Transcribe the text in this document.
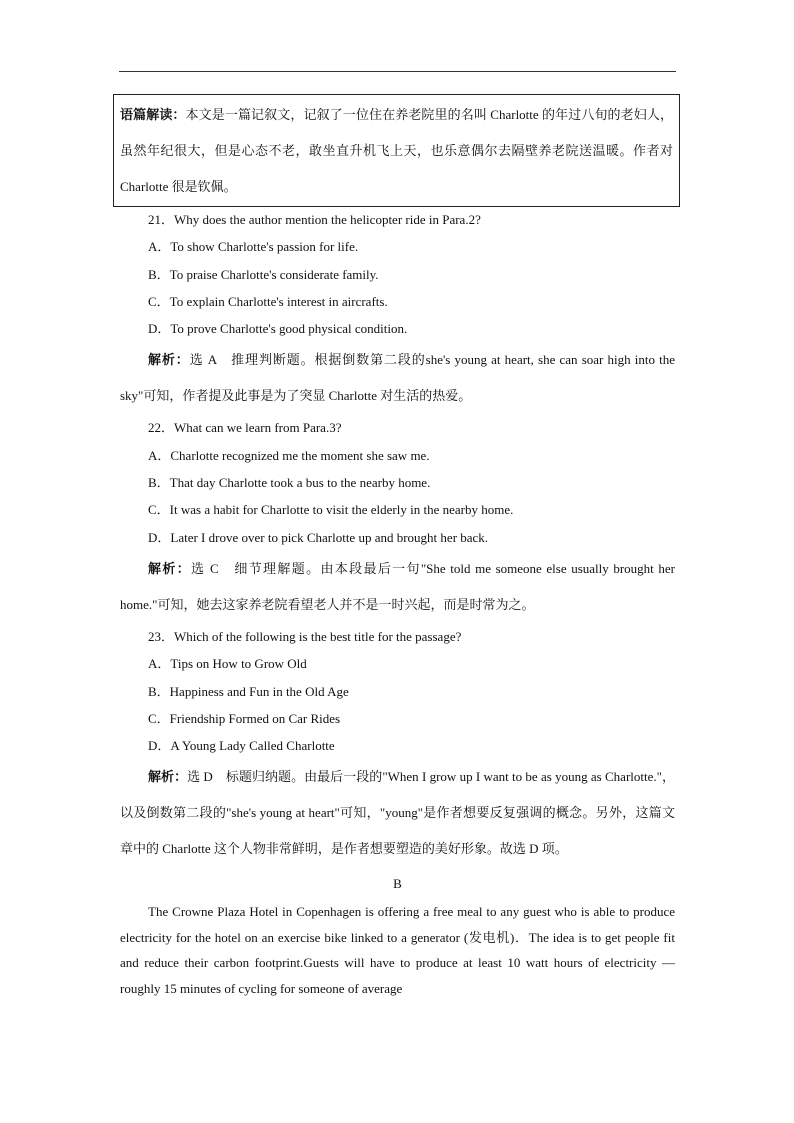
语篇解读：本文是一篇记叙文，记叙了一位住在养老院里的名叫 Charlotte 的年过八旬的老妇人，虽然年纪很大，但是心态不老，敢坐直升机飞上天，也乐意偶尔去隔壁养老院送温暖。作者对 Charlotte 很是钦佩。
21．Why does the author mention the helicopter ride in Para.2?
A．To show Charlotte's passion for life.
B．To praise Charlotte's considerate family.
C．To explain Charlotte's interest in aircrafts.
D．To prove Charlotte's good physical condition.

解析：选 A　推理判断题。根据倒数第二段的she's young at heart, she can soar high into the sky"可知，作者提及此事是为了突显 Charlotte 对生活的热爱。

22．What can we learn from Para.3?
A．Charlotte recognized me the moment she saw me.
B．That day Charlotte took a bus to the nearby home.
C．It was a habit for Charlotte to visit the elderly in the nearby home.
D．Later I drove over to pick Charlotte up and brought her back.

解析：选 C　细节理解题。由本段最后一句"She told me someone else usually brought her home."可知，她去这家养老院看望老人并不是一时兴起，而是时常为之。

23．Which of the following is the best title for the passage?
A．Tips on How to Grow Old
B．Happiness and Fun in the Old Age
C．Friendship Formed on Car Rides
D．A Young Lady Called Charlotte

解析：选 D　标题归纳题。由最后一段的"When I grow up I want to be as young as Charlotte."，以及倒数第二段的"she's young at heart"可知，"young"是作者想要反复强调的概念。另外，这篇文章中的 Charlotte 这个人物非常鲜明，是作者想要塑造的美好形象。故选 D 项。

B

The Crowne Plaza Hotel in Copenhagen is offering a free meal to any guest who is able to produce electricity for the hotel on an exercise bike linked to a generator (发电机)．The idea is to get people fit and reduce their carbon footprint.Guests will have to produce at least 10 watt hours of electricity — roughly 15 minutes of cycling for someone of average
